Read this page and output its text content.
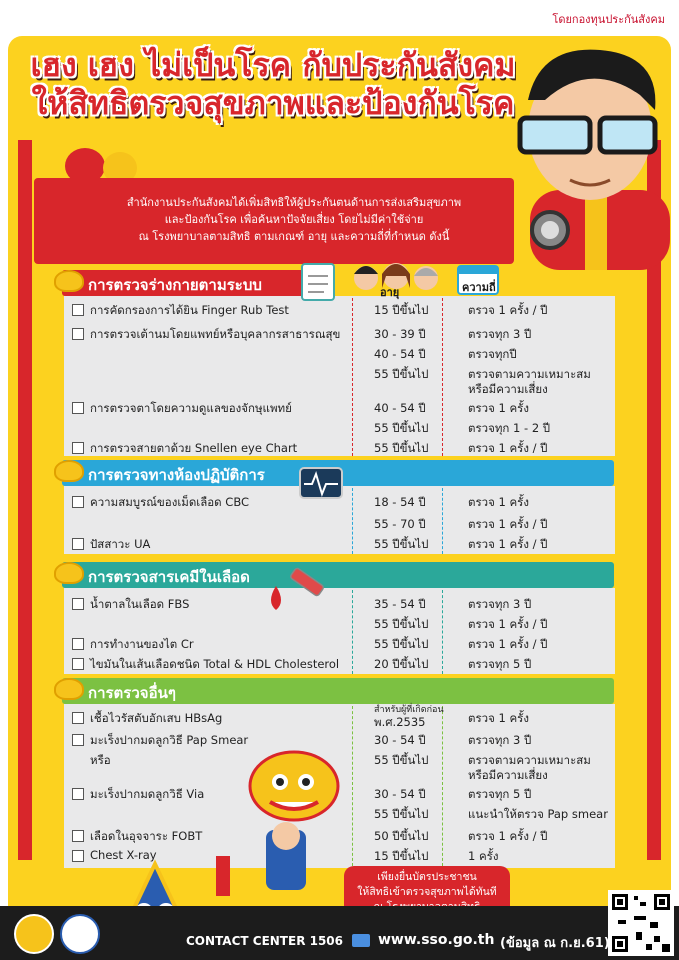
โดยกองทุนประกันสังคม
เฮง เฮง ไม่เป็นโรค กับประกันสังคม
ให้สิทธิตรวจสุขภาพและป้องกันโรค

สำนักงานประกันสังคมได้เพิ่มสิทธิให้ผู้ประกันตนด้านการส่งเสริมสุขภาพ

และป้องกันโรค เพื่อค้นหาปัจจัยเสี่ยง โดยไม่มีค่าใช้จ่าย

ณ โรงพยาบาลตามสิทธิ ตามเกณฑ์ อายุ และความถี่ที่กำหนด ดังนี้

การตรวจร่างกายตามระบบ	อายุ	ความถี่
การตรวจทางห้องปฏิบัติการ
การตรวจสารเคมีในเลือด
การตรวจอื่นๆ

เพียงยื่นบัตรประชาชน

ให้สิทธิเข้าตรวจสุขภาพได้ทันที

CONTACT CENTER 1506 www.sso.go.th (ข้อมูล ณ ก.ย.61)
การคัดกรองการได้ยิน Finger Rub Test	15 ปีขึ้นไป	ตรวจ 1 ครั้ง / ปี
การตรวจเต้านมโดยแพทย์หรือบุคลากรสาธารณสุข	30 - 39 ปี	ตรวจทุก 3 ปี
40 - 54 ปี	ตรวจทุกปี
55 ปีขึ้นไป	ตรวจตามความเหมาะสม
หรือมีความเสี่ยง
การตรวจตาโดยความดูแลของจักษุแพทย์	40 - 54 ปี	ตรวจ 1 ครั้ง
55 ปีขึ้นไป	ตรวจทุก 1 - 2 ปี
การตรวจสายตาด้วย Snellen eye Chart	55 ปีขึ้นไป	ตรวจ 1 ครั้ง / ปี
ความสมบูรณ์ของเม็ดเลือด CBC	18 - 54 ปี	ตรวจ 1 ครั้ง
55 - 70 ปี	ตรวจ 1 ครั้ง / ปี
ปัสสาวะ UA	55 ปีขึ้นไป	ตรวจ 1 ครั้ง / ปี
น้ำตาลในเลือด FBS	35 - 54 ปี	ตรวจทุก 3 ปี
55 ปีขึ้นไป	ตรวจ 1 ครั้ง / ปี
การทำงานของไต Cr	55 ปีขึ้นไป	ตรวจ 1 ครั้ง / ปี
ไขมันในเส้นเลือดชนิด Total & HDL Cholesterol	20 ปีขึ้นไป	ตรวจทุก 5 ปี
เชื้อไวรัสตับอักเสบ HBsAg
สำหรับผู้ที่เกิดก่อน
พ.ศ.2535	ตรวจ 1 ครั้ง
มะเร็งปากมดลูกวิธี Pap Smear	30 - 54 ปี	ตรวจทุก 3 ปี
หรือ	55 ปีขึ้นไป	ตรวจตามความเหมาะสม
หรือมีความเสี่ยง
มะเร็งปากมดลูกวิธี Via	30 - 54 ปี	ตรวจทุก 5 ปี
55 ปีขึ้นไป	แนะนำให้ตรวจ Pap smear
เลือดในอุจจาระ FOBT	50 ปีขึ้นไป	ตรวจ 1 ครั้ง / ปี
Chest X-ray	15 ปีขึ้นไป	1 ครั้ง
